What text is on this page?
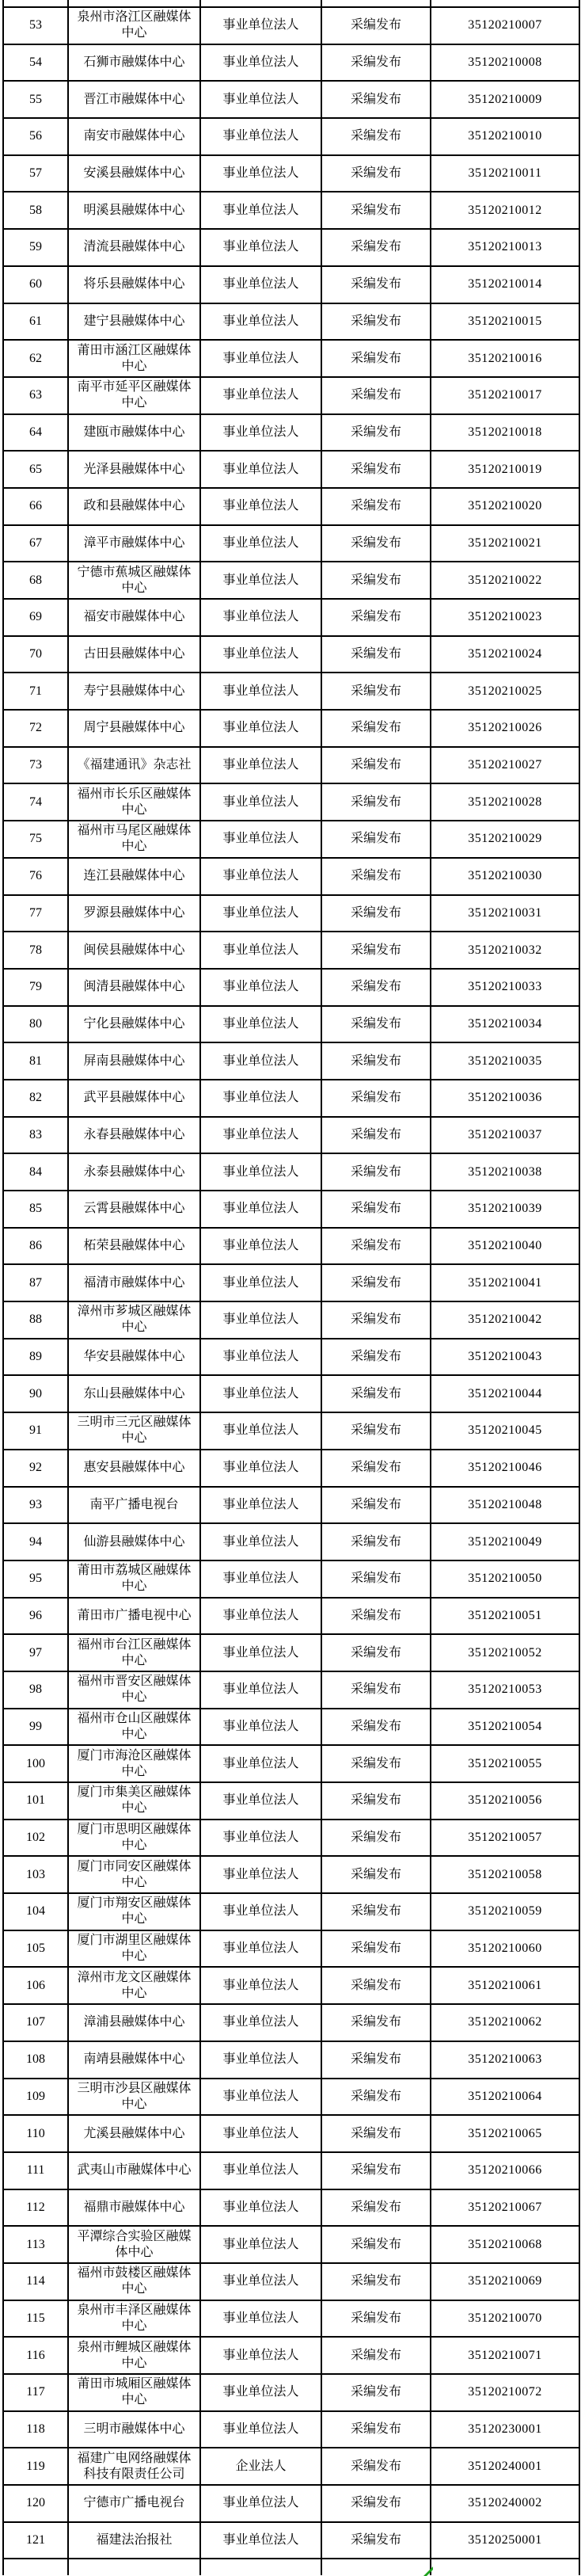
53	泉州市洛江区融媒体中心	事业单位法人	采编发布	35120210007
54	石狮市融媒体中心	事业单位法人	采编发布	35120210008
55	晋江市融媒体中心	事业单位法人	采编发布	35120210009
56	南安市融媒体中心	事业单位法人	采编发布	35120210010
57	安溪县融媒体中心	事业单位法人	采编发布	35120210011
58	明溪县融媒体中心	事业单位法人	采编发布	35120210012
59	清流县融媒体中心	事业单位法人	采编发布	35120210013
60	将乐县融媒体中心	事业单位法人	采编发布	35120210014
61	建宁县融媒体中心	事业单位法人	采编发布	35120210015
62	莆田市涵江区融媒体中心	事业单位法人	采编发布	35120210016
63	南平市延平区融媒体中心	事业单位法人	采编发布	35120210017
64	建瓯市融媒体中心	事业单位法人	采编发布	35120210018
65	光泽县融媒体中心	事业单位法人	采编发布	35120210019
66	政和县融媒体中心	事业单位法人	采编发布	35120210020
67	漳平市融媒体中心	事业单位法人	采编发布	35120210021
68	宁德市蕉城区融媒体中心	事业单位法人	采编发布	35120210022
69	福安市融媒体中心	事业单位法人	采编发布	35120210023
70	古田县融媒体中心	事业单位法人	采编发布	35120210024
71	寿宁县融媒体中心	事业单位法人	采编发布	35120210025
72	周宁县融媒体中心	事业单位法人	采编发布	35120210026
73	《福建通讯》杂志社	事业单位法人	采编发布	35120210027
74	福州市长乐区融媒体中心	事业单位法人	采编发布	35120210028
75	福州市马尾区融媒体中心	事业单位法人	采编发布	35120210029
76	连江县融媒体中心	事业单位法人	采编发布	35120210030
77	罗源县融媒体中心	事业单位法人	采编发布	35120210031
78	闽侯县融媒体中心	事业单位法人	采编发布	35120210032
79	闽清县融媒体中心	事业单位法人	采编发布	35120210033
80	宁化县融媒体中心	事业单位法人	采编发布	35120210034
81	屏南县融媒体中心	事业单位法人	采编发布	35120210035
82	武平县融媒体中心	事业单位法人	采编发布	35120210036
83	永春县融媒体中心	事业单位法人	采编发布	35120210037
84	永泰县融媒体中心	事业单位法人	采编发布	35120210038
85	云霄县融媒体中心	事业单位法人	采编发布	35120210039
86	柘荣县融媒体中心	事业单位法人	采编发布	35120210040
87	福清市融媒体中心	事业单位法人	采编发布	35120210041
88	漳州市芗城区融媒体中心	事业单位法人	采编发布	35120210042
89	华安县融媒体中心	事业单位法人	采编发布	35120210043
90	东山县融媒体中心	事业单位法人	采编发布	35120210044
91	三明市三元区融媒体中心	事业单位法人	采编发布	35120210045
92	惠安县融媒体中心	事业单位法人	采编发布	35120210046
93	南平广播电视台	事业单位法人	采编发布	35120210048
94	仙游县融媒体中心	事业单位法人	采编发布	35120210049
95	莆田市荔城区融媒体中心	事业单位法人	采编发布	35120210050
96	莆田市广播电视中心	事业单位法人	采编发布	35120210051
97	福州市台江区融媒体中心	事业单位法人	采编发布	35120210052
98	福州市晋安区融媒体中心	事业单位法人	采编发布	35120210053
99	福州市仓山区融媒体中心	事业单位法人	采编发布	35120210054
100	厦门市海沧区融媒体中心	事业单位法人	采编发布	35120210055
101	厦门市集美区融媒体中心	事业单位法人	采编发布	35120210056
102	厦门市思明区融媒体中心	事业单位法人	采编发布	35120210057
103	厦门市同安区融媒体中心	事业单位法人	采编发布	35120210058
104	厦门市翔安区融媒体中心	事业单位法人	采编发布	35120210059
105	厦门市湖里区融媒体中心	事业单位法人	采编发布	35120210060
106	漳州市龙文区融媒体中心	事业单位法人	采编发布	35120210061
107	漳浦县融媒体中心	事业单位法人	采编发布	35120210062
108	南靖县融媒体中心	事业单位法人	采编发布	35120210063
109	三明市沙县区融媒体中心	事业单位法人	采编发布	35120210064
110	尤溪县融媒体中心	事业单位法人	采编发布	35120210065
111	武夷山市融媒体中心	事业单位法人	采编发布	35120210066
112	福鼎市融媒体中心	事业单位法人	采编发布	35120210067
113	平潭综合实验区融媒体中心	事业单位法人	采编发布	35120210068
114	福州市鼓楼区融媒体中心	事业单位法人	采编发布	35120210069
115	泉州市丰泽区融媒体中心	事业单位法人	采编发布	35120210070
116	泉州市鲤城区融媒体中心	事业单位法人	采编发布	35120210071
117	莆田市城厢区融媒体中心	事业单位法人	采编发布	35120210072
118	三明市融媒体中心	事业单位法人	采编发布	35120230001
119	福建广电网络融媒体科技有限责任公司	企业法人	采编发布	35120240001
120	宁德市广播电视台	事业单位法人	采编发布	35120240002
121	福建法治报社	事业单位法人	采编发布	35120250001
